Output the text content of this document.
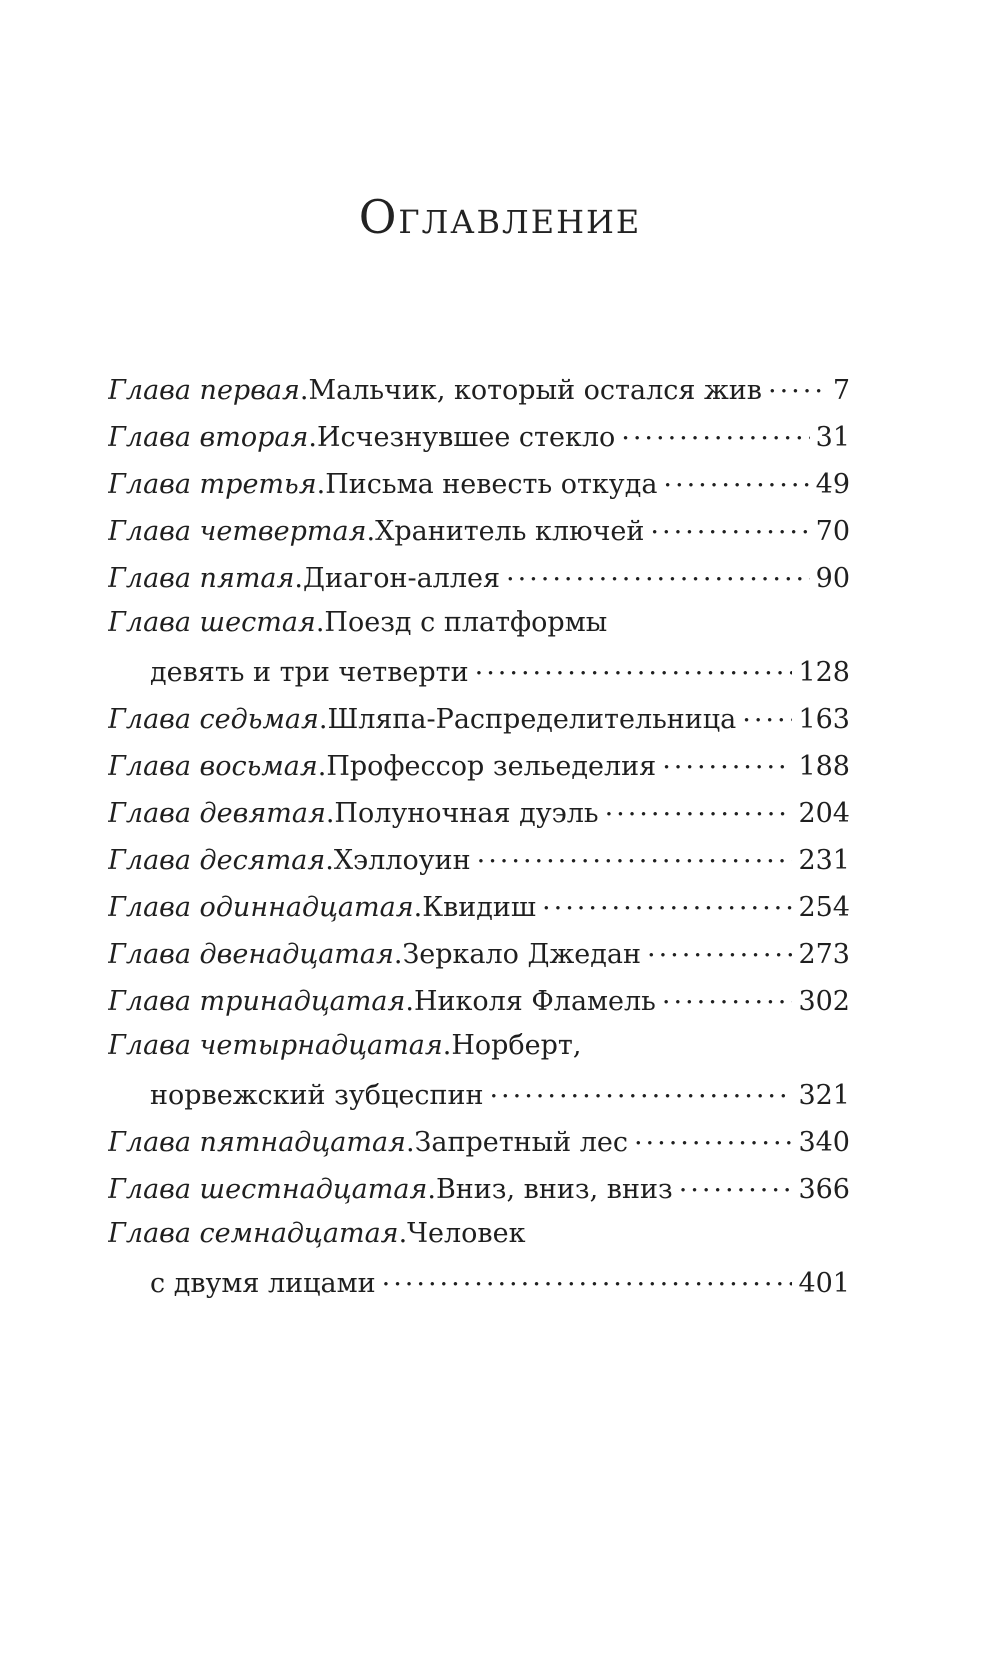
Оглавление
Глава первая . Мальчик, который остался жив .....	7
Глава вторая . Исчезнувшее стекло .....	31
Глава третья . Письма невесть откуда .....	49
Глава четвертая . Хранитель ключей .....	70
Глава пятая . Диагон-аллея .....	90
Глава шестая . Поезд с платформы
девять и три четверти .....	128
Глава седьмая . Шляпа-Распределительница ..... 163
Глава восьмая . Профессор зельеделия .....	188
Глава девятая . Полуночная дуэль .....	204
Глава десятая . Хэллоуин .....	231
Глава одиннадцатая . Квидиш .....	254
Глава двенадцатая . Зеркало Джедан .....	273
Глава тринадцатая . Николя Фламель .....	302
Глава четырнадцатая . Норберт,
норвежский зубцеспин .....	321
Глава пятнадцатая . Запретный лес .....	340
Глава шестнадцатая . Вниз, вниз, вниз .....	366
Глава семнадцатая . Человек
с двумя лицами .....	401
